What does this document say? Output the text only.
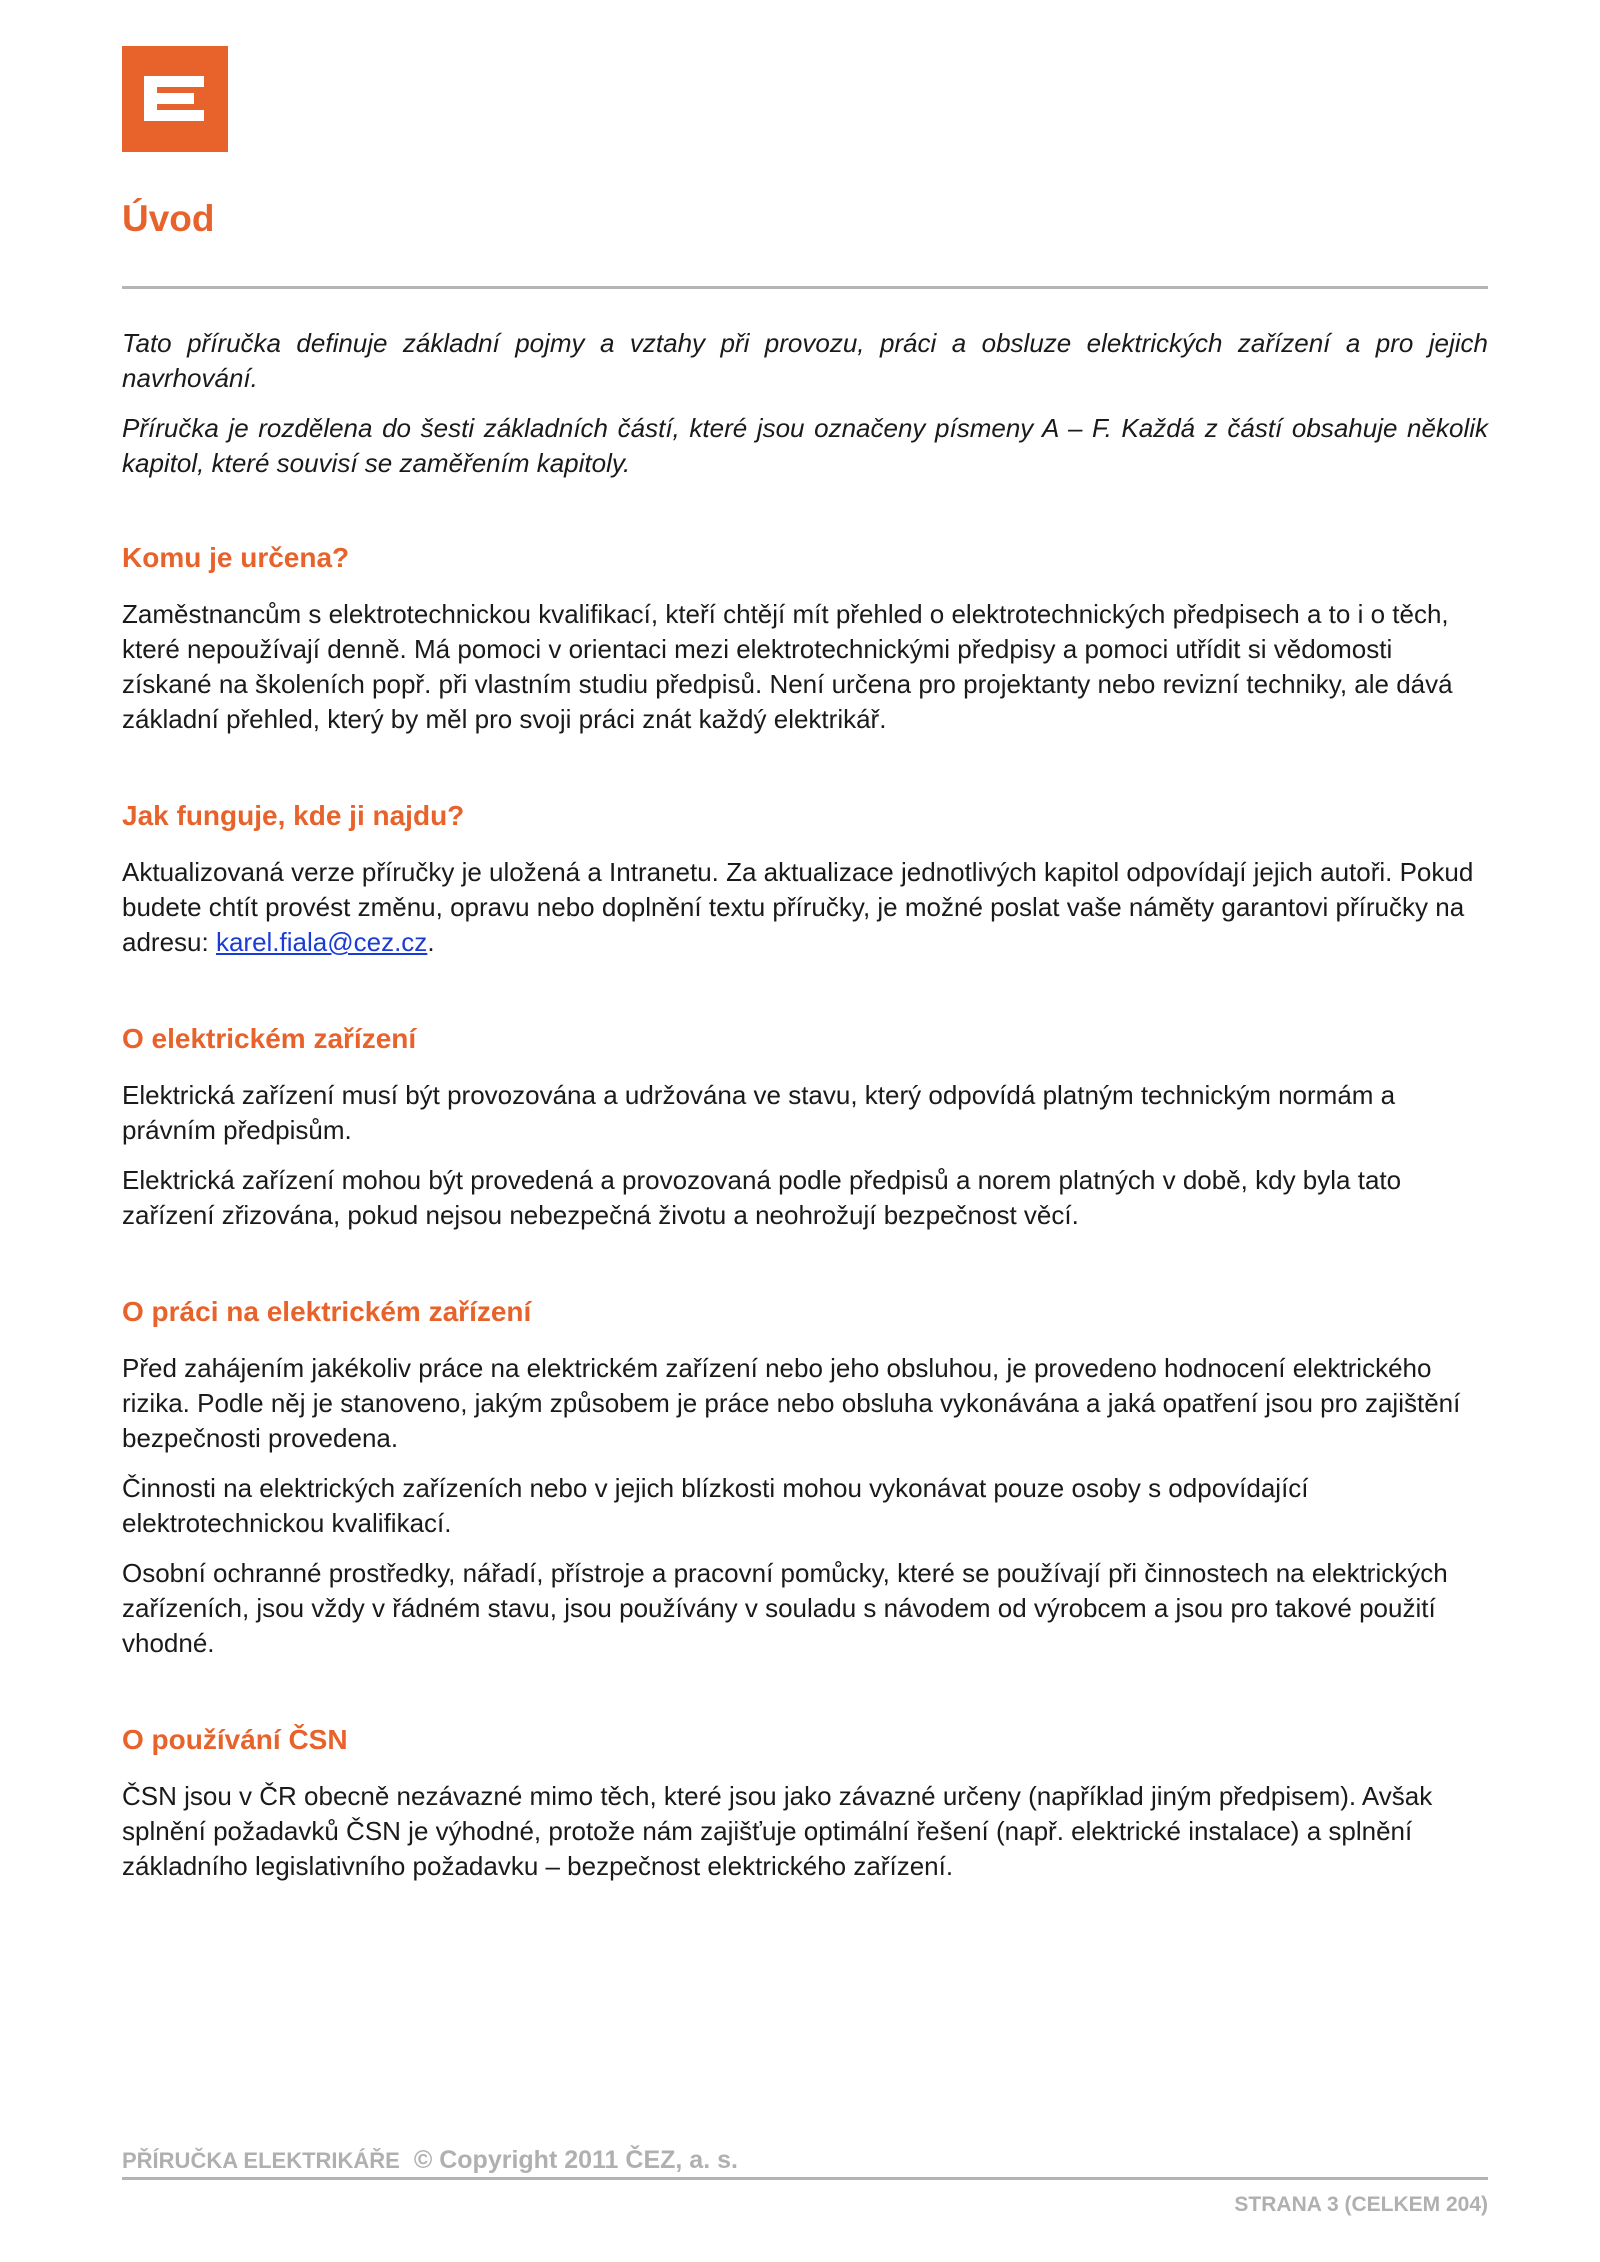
Úvod

Tato příručka definuje základní pojmy a vztahy při provozu, práci a obsluze elektrických zařízení a pro jejich navrhování.

Příručka je rozdělena do šesti základních částí, které jsou označeny písmeny A – F. Každá z částí obsahuje několik kapitol, které souvisí se zaměřením kapitoly.

Komu je určena?

Zaměstnancům s elektrotechnickou kvalifikací, kteří chtějí mít přehled o elektrotechnických předpisech a to i o těch, které nepoužívají denně. Má pomoci v orientaci mezi elektrotechnickými předpisy a pomoci utřídit si vědomosti získané na školeních popř. při vlastním studiu předpisů. Není určena pro projektanty nebo revizní techniky, ale dává základní přehled, který by měl pro svoji práci znát každý elektrikář.

Jak funguje, kde ji najdu?

Aktualizovaná verze příručky je uložená a Intranetu. Za aktualizace jednotlivých kapitol odpovídají jejich autoři. Pokud budete chtít provést změnu, opravu nebo doplnění textu příručky, je možné poslat vaše náměty garantovi příručky na adresu: karel.fiala@cez.cz.

O elektrickém zařízení

Elektrická zařízení musí být provozována a udržována ve stavu, který odpovídá platným technickým normám a právním předpisům.

Elektrická zařízení mohou být provedená a provozovaná podle předpisů a norem platných v době, kdy byla tato zařízení zřizována, pokud nejsou nebezpečná životu a neohrožují bezpečnost věcí.

O práci na elektrickém zařízení

Před zahájením jakékoliv práce na elektrickém zařízení nebo jeho obsluhou, je provedeno hodnocení elektrického rizika. Podle něj je stanoveno, jakým způsobem je práce nebo obsluha vykonávána a jaká opatření jsou pro zajištění bezpečnosti provedena.

Činnosti na elektrických zařízeních nebo v jejich blízkosti mohou vykonávat pouze osoby s odpovídající elektrotechnickou kvalifikací.

Osobní ochranné prostředky, nářadí, přístroje a pracovní pomůcky, které se používají při činnostech na elektrických zařízeních, jsou vždy v řádném stavu, jsou používány v souladu s návodem od výrobcem a jsou pro takové použití vhodné.

O používání ČSN

ČSN jsou v ČR obecně nezávazné mimo těch, které jsou jako závazné určeny (například jiným předpisem). Avšak splnění požadavků ČSN je výhodné, protože nám zajišťuje optimální řešení (např. elektrické instalace) a splnění základního legislativního požadavku – bezpečnost elektrického zařízení.

PŘÍRUČKA ELEKTRIKÁŘE © Copyright 2011 ČEZ, a. s.
STRANA 3 (CELKEM 204)
